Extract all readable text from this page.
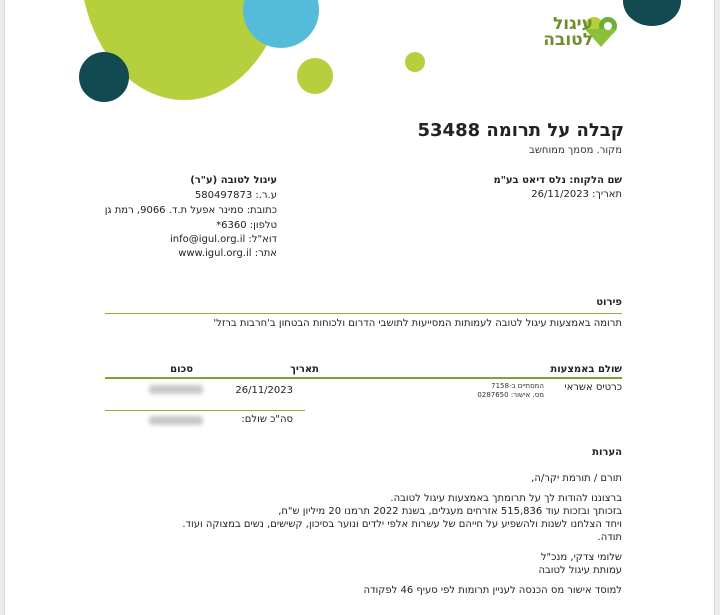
עיגול
לטובה
קבלה על תרומה 53488
מקור. מסמך ממוחשב
שם הלקוח: נלס דיאט בע"מ
תאריך: 26/11/2023
עיגול לטובה (ע"ר)
ע.ר.: 580497873
כתובת: סמינר אפעל ת.ד. 9066, רמת גן
טלפון: 6360*
דוא"ל: info@igul.org.il
אתר: www.igul.org.il
פירוט
תרומה באמצעות עיגול לטובה לעמותות המסייעות לתושבי הדרום ולכוחות הבטחון ב'חרבות ברזל'
שולם באמצעות
תאריך
סכום
כרטיס אשראי
המסתיים ב-7158
מס. אישור: 0287650
26/11/2023
סה"כ שולם:
הערות
תורם / תורמת יקר/ה,
ברצוננו להודות לך על תרומתך באמצעות עיגול לטובה.
בזכותך ובזכות עוד 515,836 אזרחים מעגלים, בשנת 2022 תרמנו 20 מיליון ש"ח,
ויחד הצלחנו לשנות ולהשפיע על חייהם של עשרות אלפי ילדים ונוער בסיכון, קשישים, נשים במצוקה ועוד.
תודה.
שלומי צדקי, מנכ"ל
עמותת עיגול לטובה
למוסד אישור מס הכנסה לעניין תרומות לפי סעיף 46 לפקודה
